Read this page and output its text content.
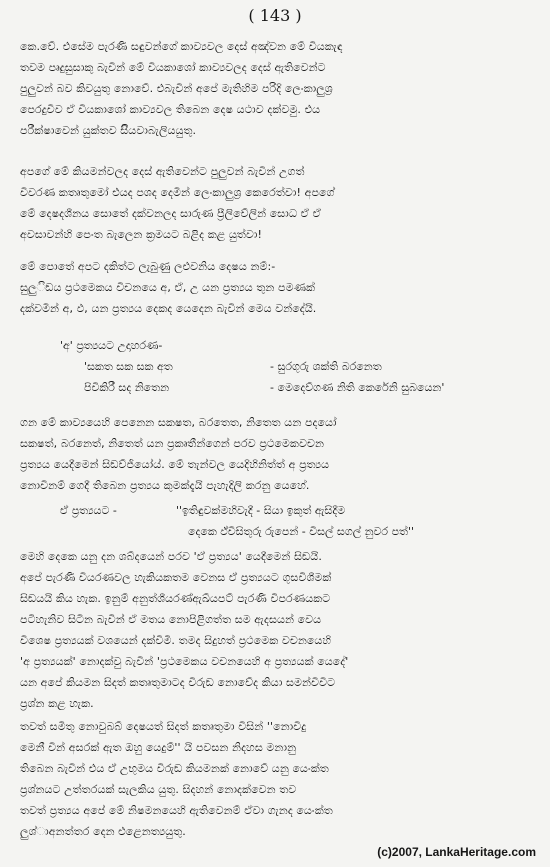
( 143 )
කෙ.වේ. එසේම පැරණි සඳුවන්ගේ කාව්‍යවල දෙස් අඤ්වන මේ වියකැඳ
තවම ප්‍රුදුසුසාකු බැවින් මේ වියකාශෝ කාව්‍යවලද දෙස් ඇතිවෙන්ට
පුලුවන් බව කිවයුතු නොවේ. එබැවින් අපේ මැතිහිම පරිදි ලෙංකාලුශ්‍ර
පෙරදුවීව ඒ වියකාශෝ කාව්‍යවල තිබෙන දෙෂ යථාව දක්වමු. එය
පරීක්ෂාවෙන් යුක්තව සිියවාබැලියයුතු.
අපගේ මේ කියමන්වලද දෙස් ඇතිවෙන්ට පුලුවන් බැවින් උගත්
විවරණ කතෘතුමෝ එයද පශද දෙමින් ලෙංකාලුශ්‍ර කෙරෙත්වා! අපගේ
මේ දෙෂදශීනය ‍සොතේ දක්වනලද සාරුණ ප්‍රීලිවේලින් සොධ ඒ ඒ
අවසාවන්හි පෙංත බැලෙන ක්‍රමයට බළිද කළ යුත්වා!
මේ පොතේ අපට දකිත්ට ලැබුණු ලළුවනිය දෙෂය නම්:-
සුලුිඞය ප්‍රථමෙකය විචනයෙ අ, ඒ, උ යන ප්‍රත්‍යය තුන පමණක්
දක්වමින් අ, ඵ, යන ප්‍රත්‍යය දෙකද යෙදෙන බැවින් මෙය වන්දේයි.
'අ' ප්‍රත්‍යයට උදාහරණ-
'සකත සක සක අත	- සුරගුරු ශක්ති බරනෙත
පිවිකිරී සද නිතෙන	- මෙදෙව්ගණ නිති කෙරේනි සුබයෙන'
ගන මේ කාව්‍යයෙහි පෙනෙන සකෂත, බරතෙත, නිතෙත යන පදයෝ
සකෂත්, බරනෙත්, නිතෙත් යන ප්‍රකෘතීන්ගෙන් පරව ප්‍රථමෙකවචන
ප්‍රත්‍යය යෙදීමෙන් සිඞව්ජියෝය්. මේ තැන්වල යෙදිහිනිත්ත් අ ප්‍රත්‍යය
නොවිනම් ගෙදී තිබෙන ප්‍රත්‍යය කුමක්දැයි පැහැදිලි කරනු යෙහේ.
ඒ ප්‍රත්‍යයට -	''ඉතිඳුවක්මහිවැදී - සියා ඉකුත් ඇසිදීම
දෙකෙ ඵ්වීසිතුරු රුපෙන් - විසල් සගල් නුවර පත්''
මෙහි දෙකෙ යනු දන ශබ්දයෙන් පරව 'ඒ ප්‍රත්‍යය' යෙදීමෙන් සිඞයි.
අපේ පැරණි වියරණවල හැකියකතම වෙනස ඒ ප්‍රත්‍යයට ගුසවිශීමක්
සිඞයයි කිය හැක. ඉනුම් අනුත්ශීයරණ්ඇඛ්යපට් පැරණි විපරණයකට
පටිහැනිව සිටින බැවින් ඒ මතය නොපිළිගත්ත සම ඇදසයන් වෙය
විශෙෂ ප්‍රත්‍යයක් වශයෙන් දක්වීමි. තමද සිදුහත් ප්‍රථමෙක වචනයෙහි
'අ ප්‍රත්‍යයක්' නොදක්වු බැවින් 'ප්‍රථමෙකය වචනයෙහි අ ප්‍රත්‍යයක් යෙදේ'
යන අපේ කියමන සිදත් කතෘතුමාටද විරුඞ නොවේද කියා සමන්විවිට
ප්‍රශ්න කළ හැක.
තවත් සමිතු නොවුබබ් දෙෂයත් සිදත් කතෘතුමා විසින් ''නොවිදු
මෙනී වින් අසරක් ඇත ඔහු යෙදුම්'' යි පවසන නිදහස මනානු
තිබෙන බැවින් එය ඒ උභුමය විරුඞ කියමනක් නොවේ යනු යෙංක්ත
ප්‍රශ්නයට උත්තරයක් සැලකිය යුතු. සිදහන් නොදක්වෙන තව
තවත් ප්‍රත්‍යය අපේ මේ නිෂමනයෙහි ඇතිවෙනම් ඒවා ගැනද යෙංක්ත
ලුශ්ාඅනත්තර දෙන ළුළෙනත්‍යයුතු.
(c)2007, LankaHeritage.com
